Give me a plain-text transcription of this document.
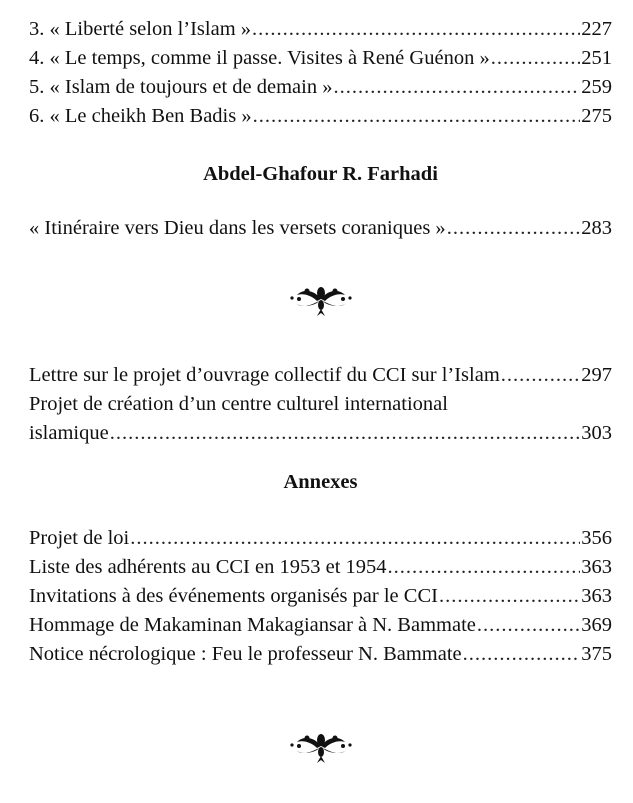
3. « Liberté selon l’Islam » .....	227
4. « Le temps, comme il passe. Visites à René Guénon » .....	251
5. « Islam de toujours et de demain » .....	259
6. « Le cheikh Ben Badis » .....	275
Abdel-Ghafour R. Farhadi
« Itinéraire vers Dieu dans les versets coraniques » .....	283
Lettre sur le projet d’ouvrage collectif du CCI sur l’Islam .....	297
Projet de création d’un centre culturel international
islamique .....	303
Annexes
Projet de loi .....	356
Liste des adhérents au CCI en 1953 et 1954 .....	363
Invitations à des événements organisés par le CCI .....	363
Hommage de Makaminan Makagiansar à N. Bammate .....	369
Notice nécrologique : Feu le professeur N. Bammate .....	375
